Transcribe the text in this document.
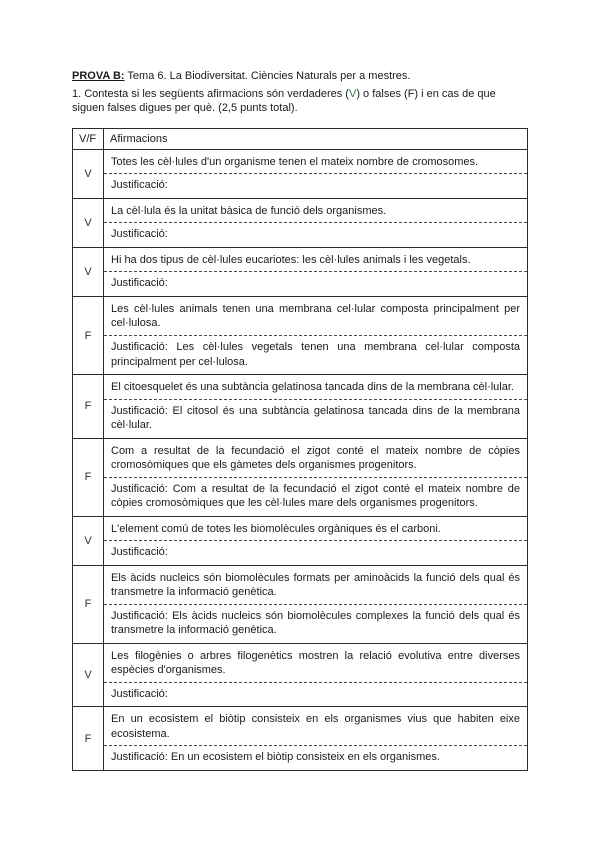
PROVA B: Tema 6. La Biodiversitat. Ciències Naturals per a mestres.

1. Contesta si les següents afirmacions són verdaderes (V) o falses (F) i en cas de que siguen falses digues per què. (2,5 punts total).

V/F	Afirmacions
V	Totes les cèl·lules d'un organisme tenen el mateix nombre de cromosomes.

Justificació:

V	La cèl·lula és la unitat bàsica de funció dels organismes.

Justificació:

V	Hi ha dos tipus de cèl·lules eucariotes: les cèl·lules animals i les vegetals.

Justificació:

F	Les cèl·lules animals tenen una membrana cel·lular composta principalment per cel·lulosa.

Justificació: Les cèl·lules vegetals tenen una membrana cel·lular composta principalment per cel·lulosa.

F	El citoesquelet és una subtància gelatinosa tancada dins de la membrana cèl·lular.

Justificació: El citosol és una subtància gelatinosa tancada dins de la membrana cèl·lular.

F	Com a resultat de la fecundació el zigot conté el mateix nombre de còpies cromosòmiques que els gàmetes dels organismes progenitors.

Justificació: Com a resultat de la fecundació el zigot conté el mateix nombre de còpies cromosòmiques que les cèl·lules mare dels organismes progenitors.

V	L'element comú de totes les biomolècules orgàniques és el carboni.

Justificació:

F	Els àcids nucleics són biomolècules formats per aminoàcids la funció dels qual és transmetre la informació genètica.

Justificació: Els àcids nucleics són biomolècules complexes la funció dels qual és transmetre la informació genètica.

V	Les filogènies o arbres filogenètics mostren la relació evolutiva entre diverses espècies d'organismes.

Justificació:

F	En un ecosistem el biòtip consisteix en els organismes vius que habiten eixe ecosistema.

Justificació: En un ecosistem el biòtip consisteix en els organismes.
